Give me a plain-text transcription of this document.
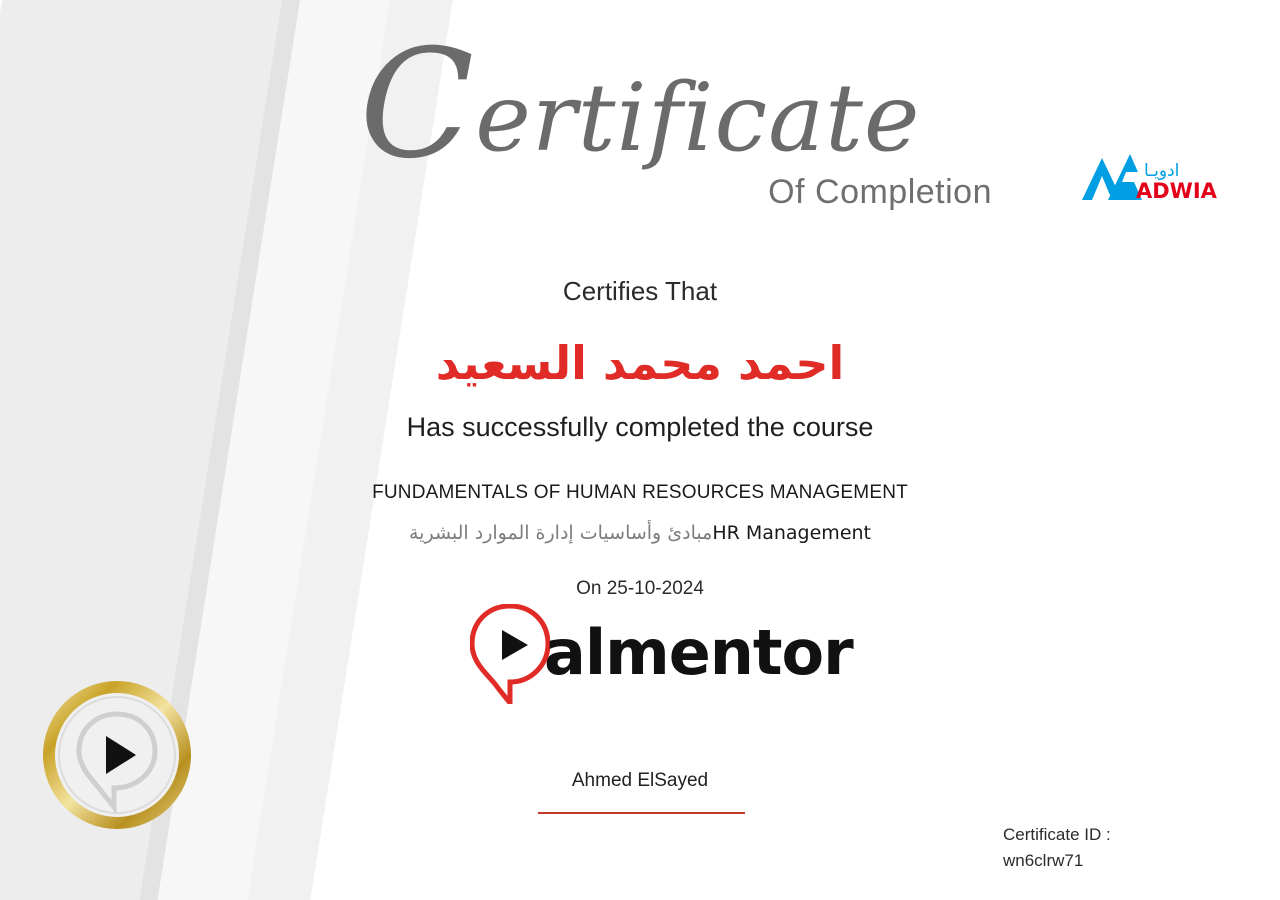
Certificate
Of Completion
ادويـا
ADWIA
Certifies That
احمد محمد السعيد
Has successfully completed the course
FUNDAMENTALS OF HUMAN RESOURCES MANAGEMENT
مبادئ وأساسيات إدارة الموارد البشريةHR Management
On 25-10-2024
almentor
Ahmed ElSayed
Certificate ID :
wn6clrw71
